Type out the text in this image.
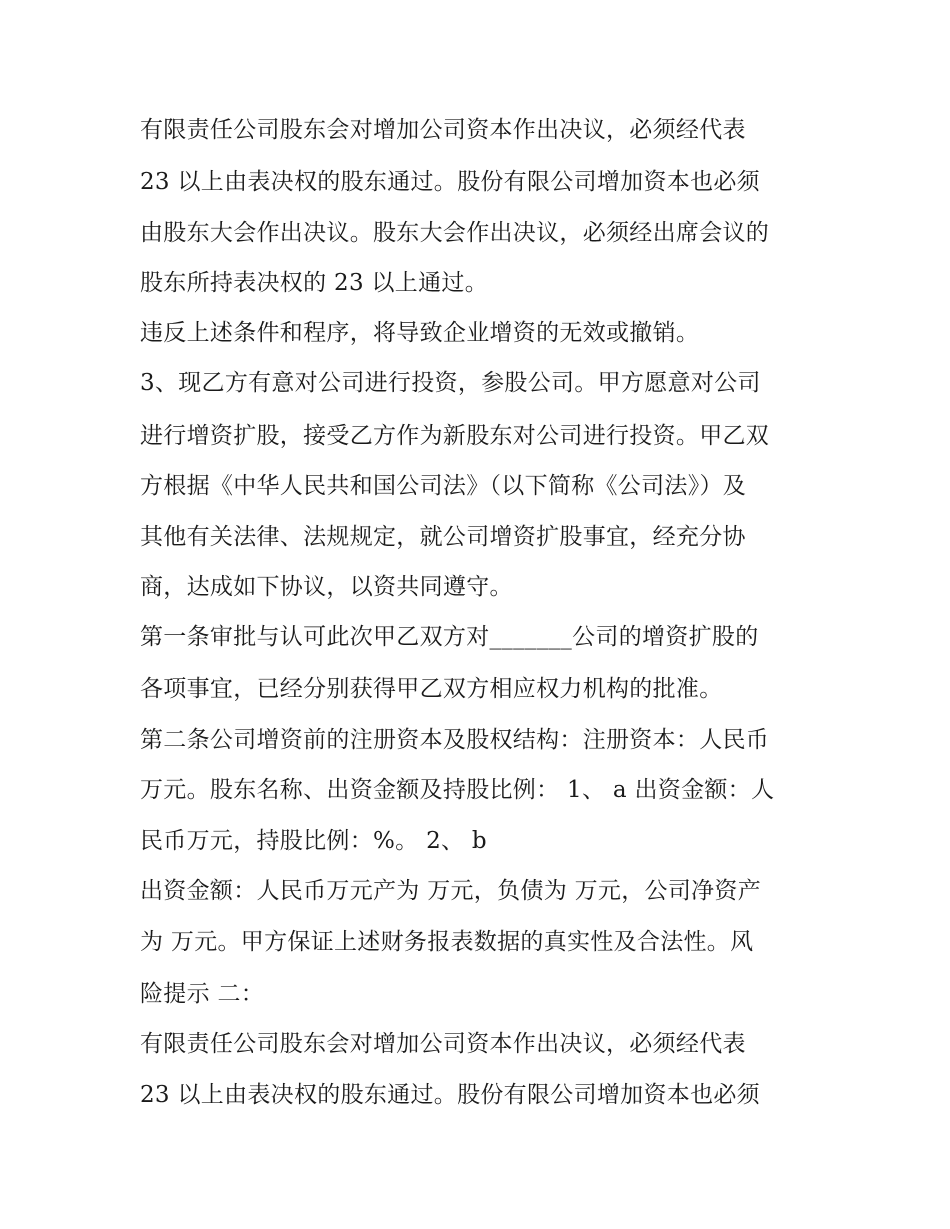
有限责任公司股东会对增加公司资本作出决议，必须经代表
23 以上由表决权的股东通过。股份有限公司增加资本也必须
由股东大会作出决议。股东大会作出决议，必须经出席会议的
股东所持表决权的 23 以上通过。
违反上述条件和程序，将导致企业增资的无效或撤销。
3、现乙方有意对公司进行投资，参股公司。甲方愿意对公司
进行增资扩股，接受乙方作为新股东对公司进行投资。甲乙双
方根据《中华人民共和国公司法》（以下简称《公司法》）及
其他有关法律、法规规定，就公司增资扩股事宜，经充分协
商，达成如下协议，以资共同遵守。
第一条审批与认可此次甲乙双方对_______公司的增资扩股的
各项事宜，已经分别获得甲乙双方相应权力机构的批准。
第二条公司增资前的注册资本及股权结构：注册资本：人民币
万元。股东名称、出资金额及持股比例： 1、 a 出资金额：人
民币万元，持股比例：%。 2、 b
出资金额：人民币万元产为 万元，负债为 万元，公司净资产
为 万元。甲方保证上述财务报表数据的真实性及合法性。风
险提示 二：
有限责任公司股东会对增加公司资本作出决议，必须经代表
23 以上由表决权的股东通过。股份有限公司增加资本也必须
